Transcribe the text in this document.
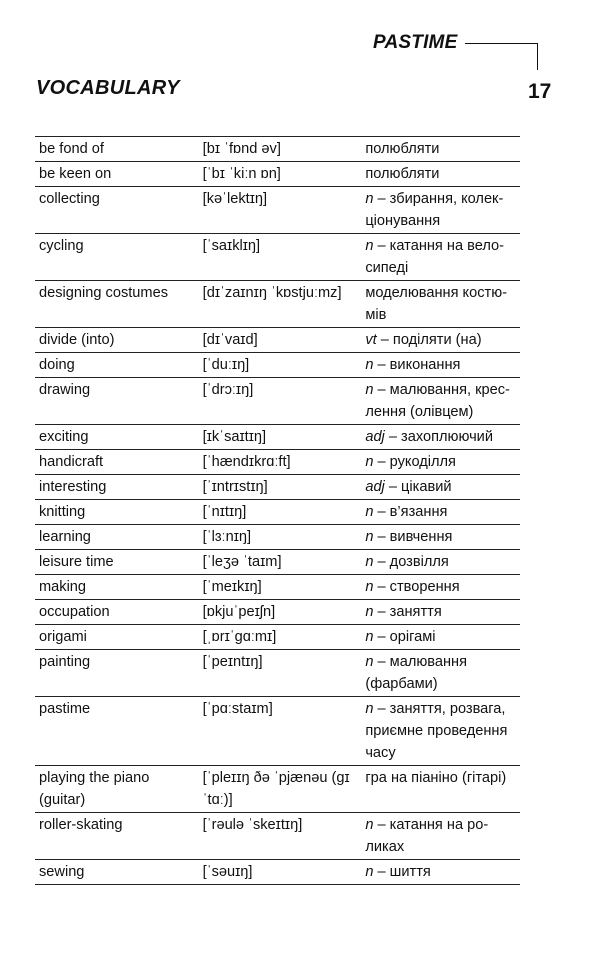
PASTIME
17
VOCABULARY
be fond of	[bɪ ˈfɒnd əv]	полюбляти
be keen on	[ˈbɪ ˈkiːn ɒn]	полюбляти
collecting	[kəˈlektɪŋ]	n – збирання, колек-ціонування
cycling	[ˈsaɪklɪŋ]	n – катання на вело-сипеді
designing costumes	[dɪˈzaɪnɪŋ ˈkɒstjuːmz]	моделювання костю-мів
divide (into)	[dɪˈvaɪd]	vt – поділяти (на)
doing	[ˈduːɪŋ]	n – виконання
drawing	[ˈdrɔːɪŋ]	n – малювання, крес-лення (олівцем)
exciting	[ɪkˈsaɪtɪŋ]	adj – захоплюючий
handicraft	[ˈhændɪkrɑːft]	n – рукоділля
interesting	[ˈɪntrɪstɪŋ]	adj – цікавий
knitting	[ˈnɪtɪŋ]	n – в’язання
learning	[ˈlɜːnɪŋ]	n – вивчення
leisure time	[ˈleʒə ˈtaɪm]	n – дозвілля
making	[ˈmeɪkɪŋ]	n – створення
occupation	[ɒkjuˈpeɪʃn]	n – заняття
origami	[ˌɒrɪˈgɑːmɪ]	n – орігамі
painting	[ˈpeɪntɪŋ]	n – малювання (фарбами)
pastime	[ˈpɑːstaɪm]	n – заняття, розвага, приємне проведення часу
playing the piano (guitar)	[ˈpleɪɪŋ ðə ˈpjænəu (gɪˈtɑː)]	гра на піаніно (гітарі)
roller-skating	[ˈrəulə ˈskeɪtɪŋ]	n – катання на ро-ликах
sewing	[ˈsəuɪŋ]	n – шиття
